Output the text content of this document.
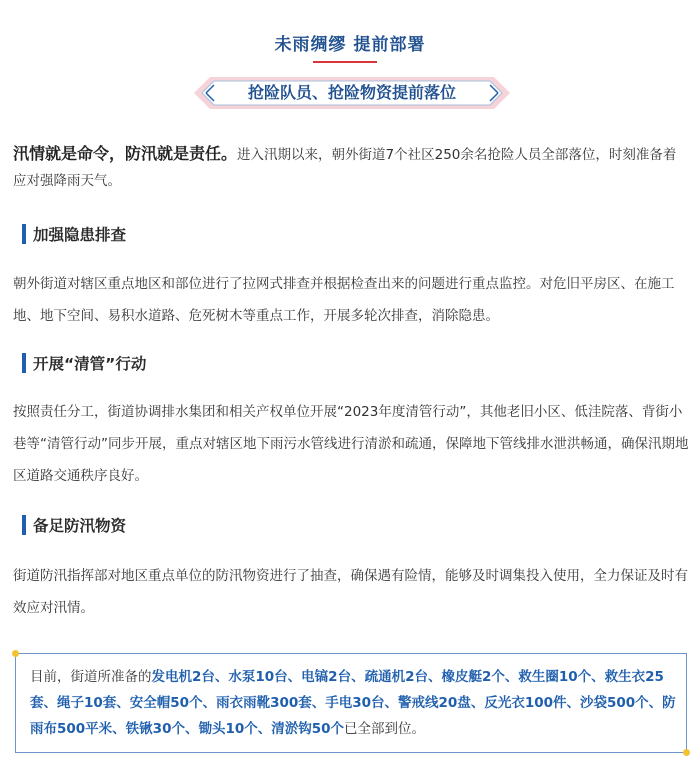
未雨绸缪 提前部署
抢险队员、抢险物资提前落位
汛情就是命令，防汛就是责任。进入汛期以来，朝外街道7个社区250余名抢险人员全部落位，时刻准备着应对强降雨天气。
加强隐患排查
朝外街道对辖区重点地区和部位进行了拉网式排查并根据检查出来的问题进行重点监控。对危旧平房区、在施工地、地下空间、易积水道路、危死树木等重点工作，开展多轮次排查，消除隐患。
开展“清管”行动
按照责任分工，街道协调排水集团和相关产权单位开展“2023年度清管行动”，其他老旧小区、低洼院落、背街小巷等“清管行动”同步开展，重点对辖区地下雨污水管线进行清淤和疏通，保障地下管线排水泄洪畅通，确保汛期地区道路交通秩序良好。
备足防汛物资
街道防汛指挥部对地区重点单位的防汛物资进行了抽查，确保遇有险情，能够及时调集投入使用，全力保证及时有效应对汛情。
目前，街道所准备的发电机2台、水泵10台、电镐2台、疏通机2台、橡皮艇2个、救生圈10个、救生衣25套、绳子10套、安全帽50个、雨衣雨靴300套、手电30台、警戒线20盘、反光衣100件、沙袋500个、防雨布500平米、铁锹30个、锄头10个、清淤钩50个已全部到位。
